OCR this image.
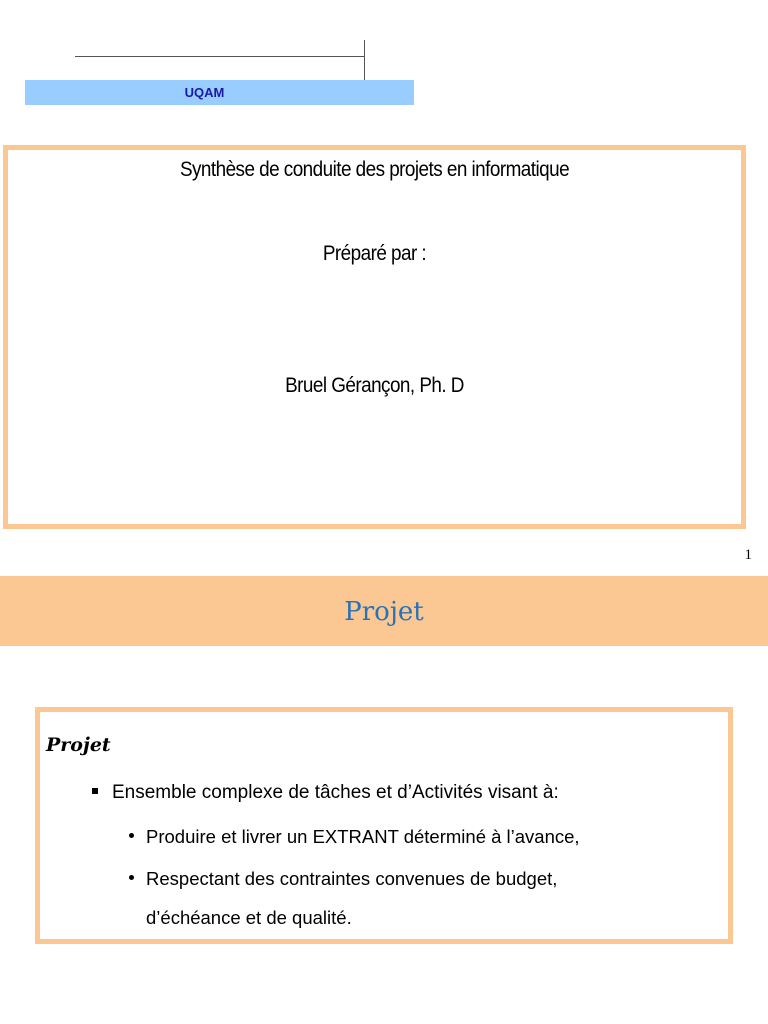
UQAM
Synthèse de conduite des projets en informatique
Préparé par :
Bruel Gérançon, Ph. D
1
Projet
Projet
Ensemble complexe de tâches et d’Activités visant à:
Produire et livrer un EXTRANT déterminé à l’avance,
Respectant des contraintes convenues de budget,
d’échéance et de qualité.
